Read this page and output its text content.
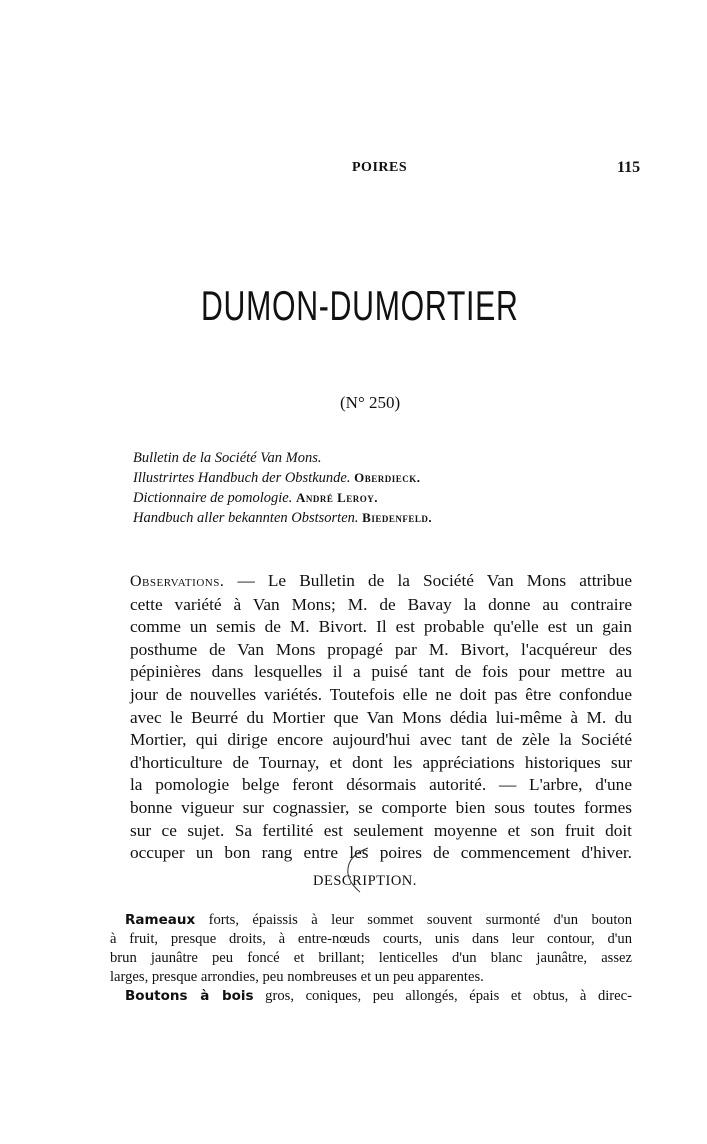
POIRES	115
DUMON-DUMORTIER
(N° 250)
Bulletin de la Société Van Mons.
Illustrirtes Handbuch der Obstkunde. Oberdieck.
Dictionnaire de pomologie. André Leroy.
Handbuch aller bekannten Obstsorten. Biedenfeld.
Observations. — Le Bulletin de la Société Van Mons attribue
cette variété à Van Mons; M. de Bavay la donne au contraire
comme un semis de M. Bivort. Il est probable qu'elle est un gain
posthume de Van Mons propagé par M. Bivort, l'acquéreur des
pépinières dans lesquelles il a puisé tant de fois pour mettre au
jour de nouvelles variétés. Toutefois elle ne doit pas être confondue
avec le Beurré du Mortier que Van Mons dédia lui-même à M. du
Mortier, qui dirige encore aujourd'hui avec tant de zèle la Société
d'horticulture de Tournay, et dont les appréciations historiques sur
la pomologie belge feront désormais autorité. — L'arbre, d'une
bonne vigueur sur cognassier, se comporte bien sous toutes formes
sur ce sujet. Sa fertilité est seulement moyenne et son fruit doit
occuper un bon rang entre les poires de commencement d'hiver.
DESCRIPTION.
Rameaux forts, épaissis à leur sommet souvent surmonté d'un bouton
à fruit, presque droits, à entre-nœuds courts, unis dans leur contour, d'un
brun jaunâtre peu foncé et brillant; lenticelles d'un blanc jaunâtre, assez
larges, presque arrondies, peu nombreuses et un peu apparentes.
Boutons à bois gros, coniques, peu allongés, épais et obtus, à direc-
